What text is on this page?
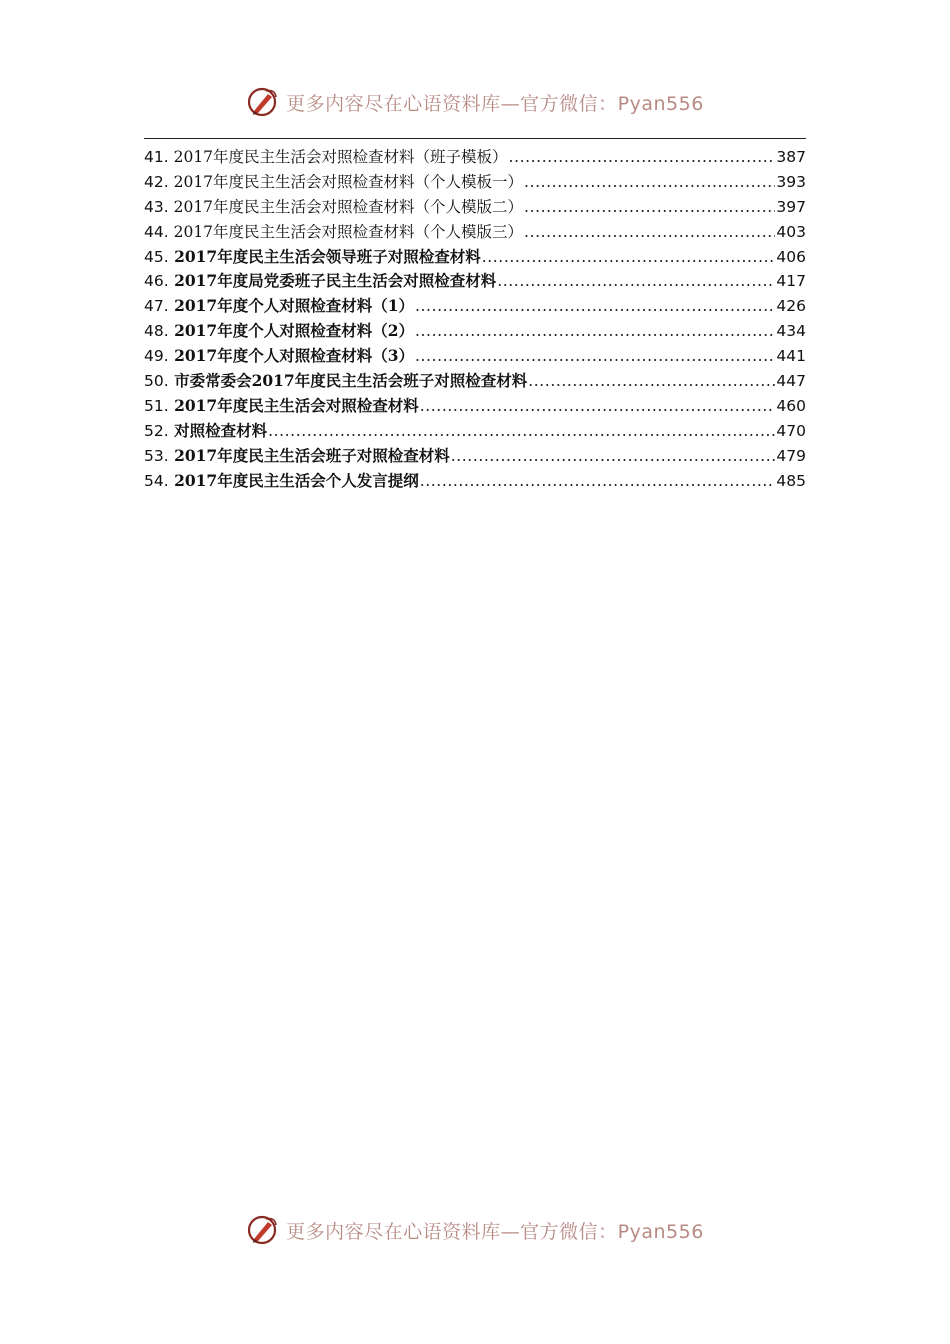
更多内容尽在心语资料库—官方微信：Pyan556
41. 2017年度民主生活会对照检查材料（班子模板） .....	387
42. 2017年度民主生活会对照检查材料（个人模板一） .....	393
43. 2017年度民主生活会对照检查材料（个人模版二） .....	397
44. 2017年度民主生活会对照检查材料（个人模版三） .....	403
45. 2017年度民主生活会领导班子对照检查材料 .....	406
46. 2017年度局党委班子民主生活会对照检查材料 .....	417
47. 2017年度个人对照检查材料（1） .....	426
48. 2017年度个人对照检查材料（2） .....	434
49. 2017年度个人对照检查材料（3） .....	441
50. 市委常委会2017年度民主生活会班子对照检查材料 .....	447
51. 2017年度民主生活会对照检查材料 .....	460
52. 对照检查材料 .....	470
53. 2017年度民主生活会班子对照检查材料 .....	479
54. 2017年度民主生活会个人发言提纲 .....	485
更多内容尽在心语资料库—官方微信：Pyan556
